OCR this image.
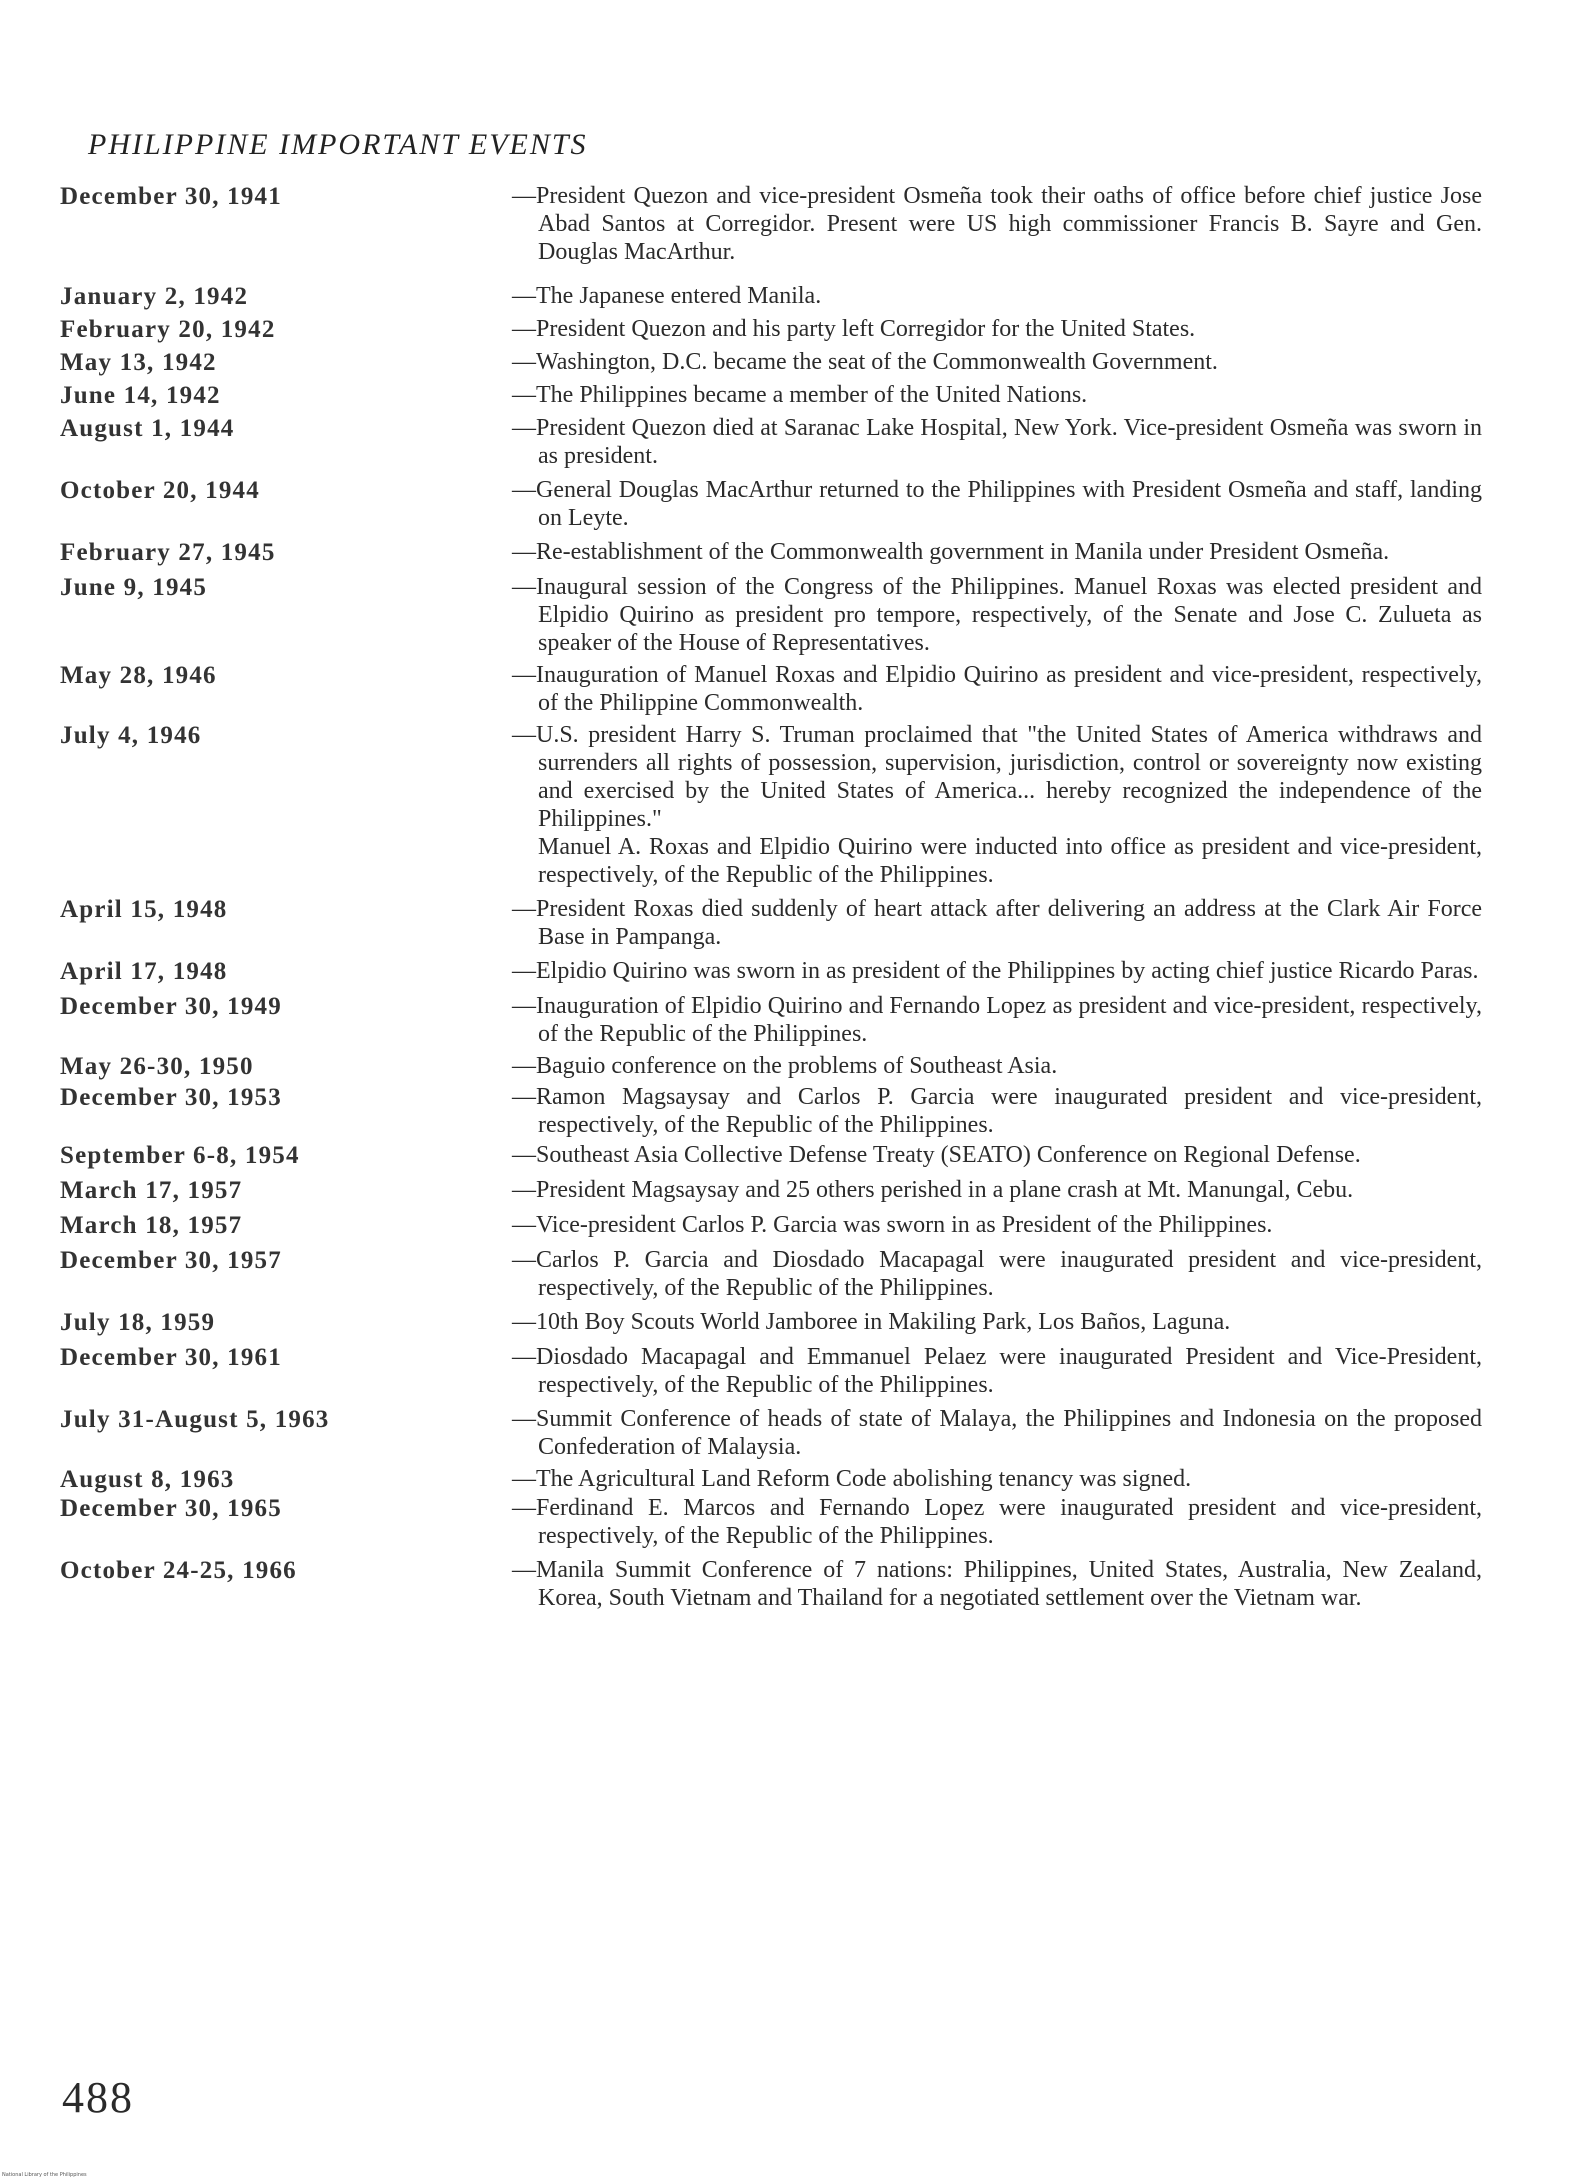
PHILIPPINE IMPORTANT EVENTS
December 30, 1941	—President Quezon and vice-president Osmeña took their oaths of office before chief justice Jose Abad Santos at Corregidor. Present were US high commissioner Francis B. Sayre and Gen. Douglas MacArthur.
January 2, 1942	—The Japanese entered Manila.
February 20, 1942	—President Quezon and his party left Corregidor for the United States.
May 13, 1942	—Washington, D.C. became the seat of the Commonwealth Government.
June 14, 1942	—The Philippines became a member of the United Nations.
August 1, 1944	—President Quezon died at Saranac Lake Hospital, New York. Vice-president Osmeña was sworn in as president.
October 20, 1944	—General Douglas MacArthur returned to the Philippines with President Osmeña and staff, landing on Leyte.
February 27, 1945	—Re-establishment of the Commonwealth government in Manila under President Osmeña.
June 9, 1945	—Inaugural session of the Congress of the Philippines. Manuel Roxas was elected president and Elpidio Quirino as president pro tempore, respectively, of the Senate and Jose C. Zulueta as speaker of the House of Representatives.
May 28, 1946	—Inauguration of Manuel Roxas and Elpidio Quirino as president and vice-president, respectively, of the Philippine Commonwealth.
July 4, 1946	—U.S. president Harry S. Truman proclaimed that "the United States of America withdraws and surrenders all rights of possession, supervision, jurisdiction, control or sovereignty now existing and exercised by the United States of America... hereby recognized the independence of the Philippines."
Manuel A. Roxas and Elpidio Quirino were inducted into office as president and vice-president, respectively, of the Republic of the Philippines.
April 15, 1948	—President Roxas died suddenly of heart attack after delivering an address at the Clark Air Force Base in Pampanga.
April 17, 1948	—Elpidio Quirino was sworn in as president of the Philippines by acting chief justice Ricardo Paras.
December 30, 1949	—Inauguration of Elpidio Quirino and Fernando Lopez as president and vice-president, respectively, of the Republic of the Philippines.
May 26-30, 1950	—Baguio conference on the problems of Southeast Asia.
December 30, 1953	—Ramon Magsaysay and Carlos P. Garcia were inaugurated president and vice-president, respectively, of the Republic of the Philippines.
September 6-8, 1954	—Southeast Asia Collective Defense Treaty (SEATO) Conference on Regional Defense.
March 17, 1957	—President Magsaysay and 25 others perished in a plane crash at Mt. Manungal, Cebu.
March 18, 1957	—Vice-president Carlos P. Garcia was sworn in as President of the Philippines.
December 30, 1957	—Carlos P. Garcia and Diosdado Macapagal were inaugurated president and vice-president, respectively, of the Republic of the Philippines.
July 18, 1959	—10th Boy Scouts World Jamboree in Makiling Park, Los Baños, Laguna.
December 30, 1961	—Diosdado Macapagal and Emmanuel Pelaez were inaugurated President and Vice-President, respectively, of the Republic of the Philippines.
July 31-August 5, 1963	—Summit Conference of heads of state of Malaya, the Philippines and Indonesia on the proposed Confederation of Malaysia.
August 8, 1963	—The Agricultural Land Reform Code abolishing tenancy was signed.
December 30, 1965	—Ferdinand E. Marcos and Fernando Lopez were inaugurated president and vice-president, respectively, of the Republic of the Philippines.
October 24-25, 1966	—Manila Summit Conference of 7 nations: Philippines, United States, Australia, New Zealand, Korea, South Vietnam and Thailand for a negotiated settlement over the Vietnam war.
488
National Library of the Philippines
